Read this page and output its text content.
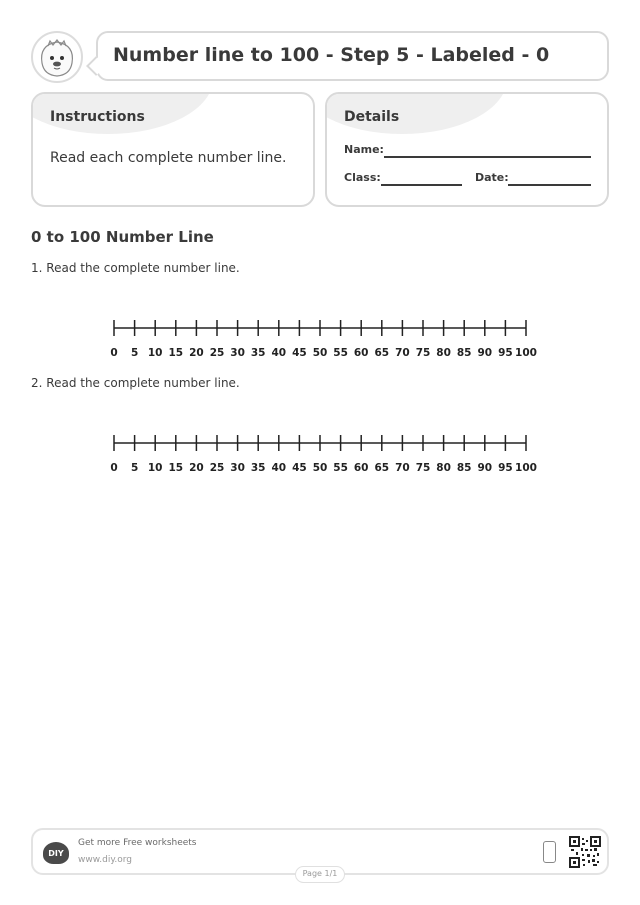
Number line to 100 - Step 5 - Labeled - 0
Instructions
Read each complete number line.
Details
Name:
Class:	Date:
0 to 100 Number Line
1. Read the complete number line.
0 5 10 15 20 25 30 35 40 45 50 55 60 65 70 75 80 85 90 95 100
2. Read the complete number line.
0 5 10 15 20 25 30 35 40 45 50 55 60 65 70 75 80 85 90 95 100
DIY
Get more Free worksheets
www.diy.org
Page 1/1
